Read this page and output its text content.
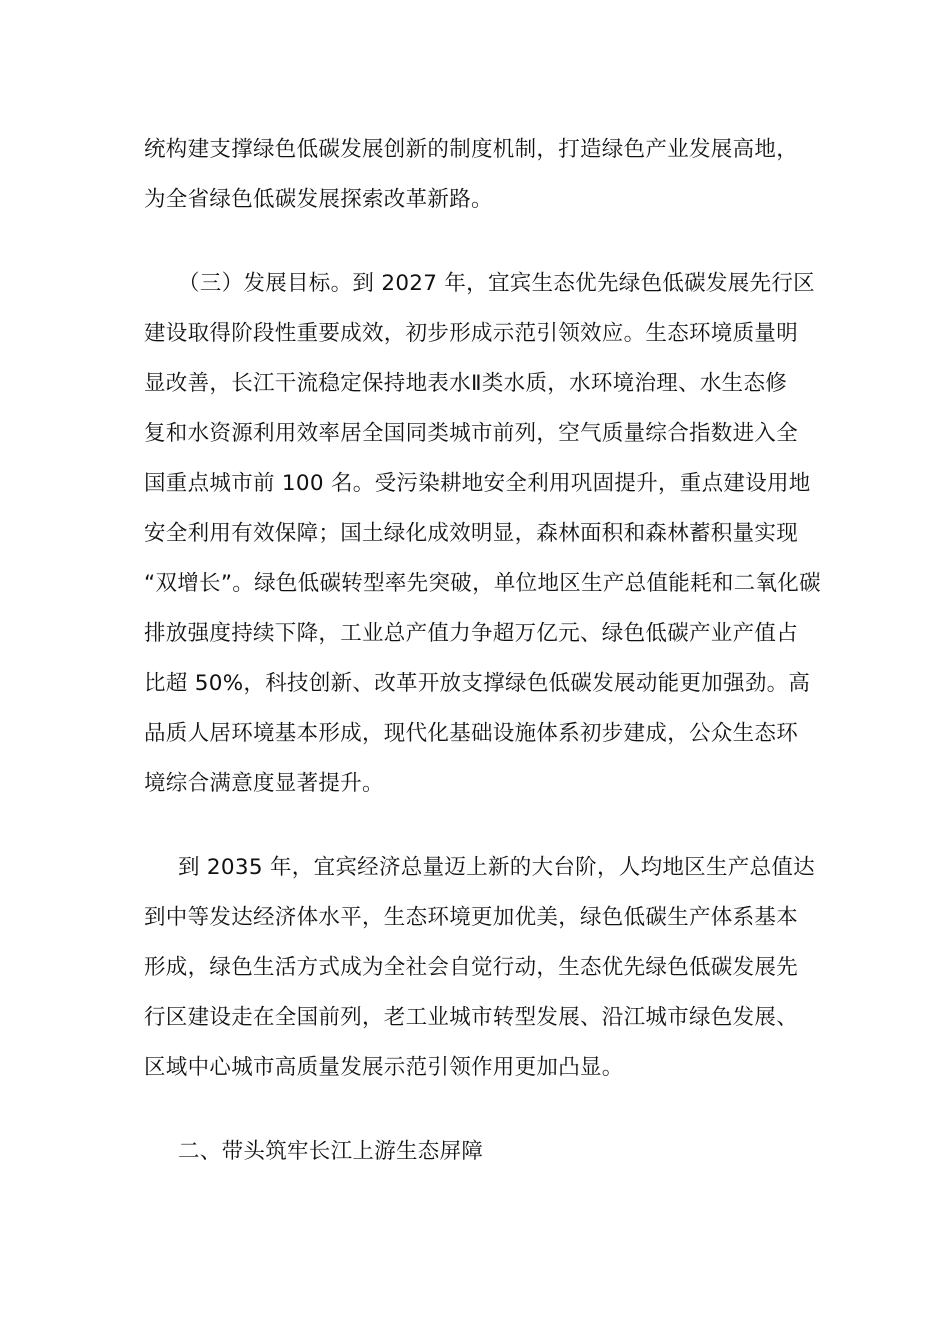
统构建支撑绿色低碳发展创新的制度机制，打造绿色产业发展高地，
为全省绿色低碳发展探索改革新路。
（三）发展目标。到 2027 年，宜宾生态优先绿色低碳发展先行区
建设取得阶段性重要成效，初步形成示范引领效应。生态环境质量明
显改善，长江干流稳定保持地表水Ⅱ类水质，水环境治理、水生态修
复和水资源利用效率居全国同类城市前列，空气质量综合指数进入全
国重点城市前 100 名。受污染耕地安全利用巩固提升，重点建设用地
安全利用有效保障；国土绿化成效明显，森林面积和森林蓄积量实现
“双增长”。绿色低碳转型率先突破，单位地区生产总值能耗和二氧化碳
排放强度持续下降，工业总产值力争超万亿元、绿色低碳产业产值占
比超 50%，科技创新、改革开放支撑绿色低碳发展动能更加强劲。高
品质人居环境基本形成，现代化基础设施体系初步建成，公众生态环
境综合满意度显著提升。
到 2035 年，宜宾经济总量迈上新的大台阶，人均地区生产总值达
到中等发达经济体水平，生态环境更加优美，绿色低碳生产体系基本
形成，绿色生活方式成为全社会自觉行动，生态优先绿色低碳发展先
行区建设走在全国前列，老工业城市转型发展、沿江城市绿色发展、
区域中心城市高质量发展示范引领作用更加凸显。
二、带头筑牢长江上游生态屏障
